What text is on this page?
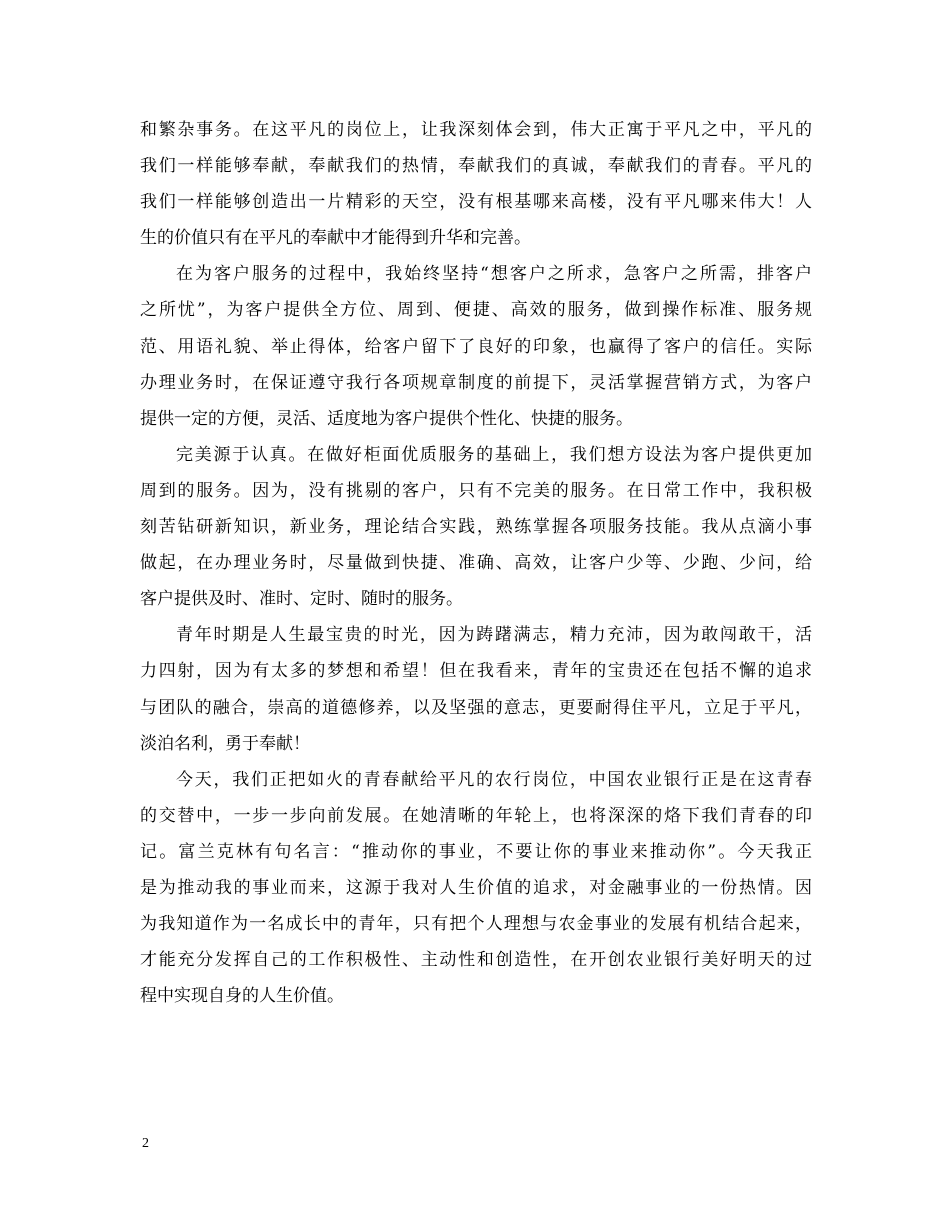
和繁杂事务。在这平凡的岗位上，让我深刻体会到，伟大正寓于平凡之中，平凡的
我们一样能够奉献，奉献我们的热情，奉献我们的真诚，奉献我们的青春。平凡的
我们一样能够创造出一片精彩的天空，没有根基哪来高楼，没有平凡哪来伟大！人
生的价值只有在平凡的奉献中才能得到升华和完善。

在为客户服务的过程中，我始终坚持“想客户之所求，急客户之所需，排客户
之所忧”，为客户提供全方位、周到、便捷、高效的服务，做到操作标准、服务规
范、用语礼貌、举止得体，给客户留下了良好的印象，也赢得了客户的信任。实际
办理业务时，在保证遵守我行各项规章制度的前提下，灵活掌握营销方式，为客户
提供一定的方便，灵活、适度地为客户提供个性化、快捷的服务。

完美源于认真。在做好柜面优质服务的基础上，我们想方设法为客户提供更加
周到的服务。因为，没有挑剔的客户，只有不完美的服务。在日常工作中，我积极
刻苦钻研新知识，新业务，理论结合实践，熟练掌握各项服务技能。我从点滴小事
做起，在办理业务时，尽量做到快捷、准确、高效，让客户少等、少跑、少问，给
客户提供及时、准时、定时、随时的服务。

青年时期是人生最宝贵的时光，因为踌躇满志，精力充沛，因为敢闯敢干，活
力四射，因为有太多的梦想和希望！但在我看来，青年的宝贵还在包括不懈的追求
与团队的融合，崇高的道德修养，以及坚强的意志，更要耐得住平凡，立足于平凡，
淡泊名利，勇于奉献！

今天，我们正把如火的青春献给平凡的农行岗位，中国农业银行正是在这青春
的交替中，一步一步向前发展。在她清晰的年轮上，也将深深的烙下我们青春的印
记。富兰克林有句名言：“推动你的事业，不要让你的事业来推动你”。今天我正
是为推动我的事业而来，这源于我对人生价值的追求，对金融事业的一份热情。因
为我知道作为一名成长中的青年，只有把个人理想与农金事业的发展有机结合起来，
才能充分发挥自己的工作积极性、主动性和创造性，在开创农业银行美好明天的过
程中实现自身的人生价值。

2
